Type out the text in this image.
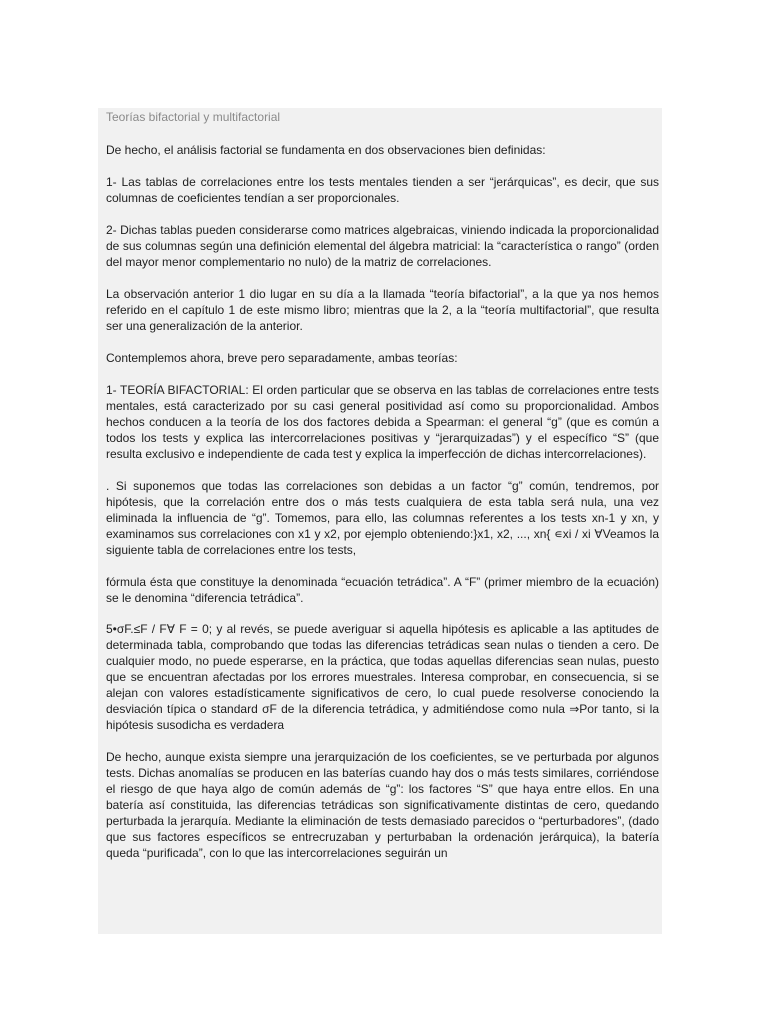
Teorías bifactorial y multifactorial

De hecho, el análisis factorial se fundamenta en dos observaciones bien definidas:

1- Las tablas de correlaciones entre los tests mentales tienden a ser “jerárquicas”, es decir, que sus columnas de coeficientes tendían a ser proporcionales.

2- Dichas tablas pueden considerarse como matrices algebraicas, viniendo indicada la proporcionalidad de sus columnas según una definición elemental del álgebra matricial: la “característica o rango” (orden del mayor menor complementario no nulo) de la matriz de correlaciones.

La observación anterior 1 dio lugar en su día a la llamada “teoría bifactorial”, a la que ya nos hemos referido en el capítulo 1 de este mismo libro; mientras que la 2, a la “teoría multifactorial”, que resulta ser una generalización de la anterior.

Contemplemos ahora, breve pero separadamente, ambas teorías:

1- TEORÍA BIFACTORIAL: El orden particular que se observa en las tablas de correlaciones entre tests mentales, está caracterizado por su casi general positividad así como su proporcionalidad. Ambos hechos conducen a la teoría de los dos factores debida a Spearman: el general “g” (que es común a todos los tests y explica las intercorrelaciones positivas y “jerarquizadas”) y el específico “S” (que resulta exclusivo e independiente de cada test y explica la imperfección de dichas intercorrelaciones).

. Si suponemos que todas las correlaciones son debidas a un factor “g” común, tendremos, por hipótesis, que la correlación entre dos o más tests cualquiera de esta tabla será nula, una vez eliminada la influencia de “g”. Tomemos, para ello, las columnas referentes a los tests xn-1 y xn, y examinamos sus correlaciones con x1 y x2, por ejemplo obteniendo:}x1, x2, ..., xn{ ∊xi / xi ∀Veamos la siguiente tabla de correlaciones entre los tests,

fórmula ésta que constituye la denominada “ecuación tetrádica”. A “F” (primer miembro de la ecuación) se le denomina “diferencia tetrádica”.

5•σF.≤F / F∀ F = 0; y al revés, se puede averiguar si aquella hipótesis es aplicable a las aptitudes de determinada tabla, comprobando que todas las diferencias tetrádicas sean nulas o tienden a cero. De cualquier modo, no puede esperarse, en la práctica, que todas aquellas diferencias sean nulas, puesto que se encuentran afectadas por los errores muestrales. Interesa comprobar, en consecuencia, si se alejan con valores estadísticamente significativos de cero, lo cual puede resolverse conociendo la desviación típica o standard σF de la diferencia tetrádica, y admitiéndose como nula ⇒Por tanto, si la hipótesis susodicha es verdadera

De hecho, aunque exista siempre una jerarquización de los coeficientes, se ve perturbada por algunos tests. Dichas anomalías se producen en las baterías cuando hay dos o más tests similares, corriéndose el riesgo de que haya algo de común además de “g”: los factores “S” que haya entre ellos. En una batería así constituida, las diferencias tetrádicas son significativamente distintas de cero, quedando perturbada la jerarquía. Mediante la eliminación de tests demasiado parecidos o “perturbadores”, (dado que sus factores específicos se entrecruzaban y perturbaban la ordenación jerárquica), la batería queda “purificada”, con lo que las intercorrelaciones seguirán un
